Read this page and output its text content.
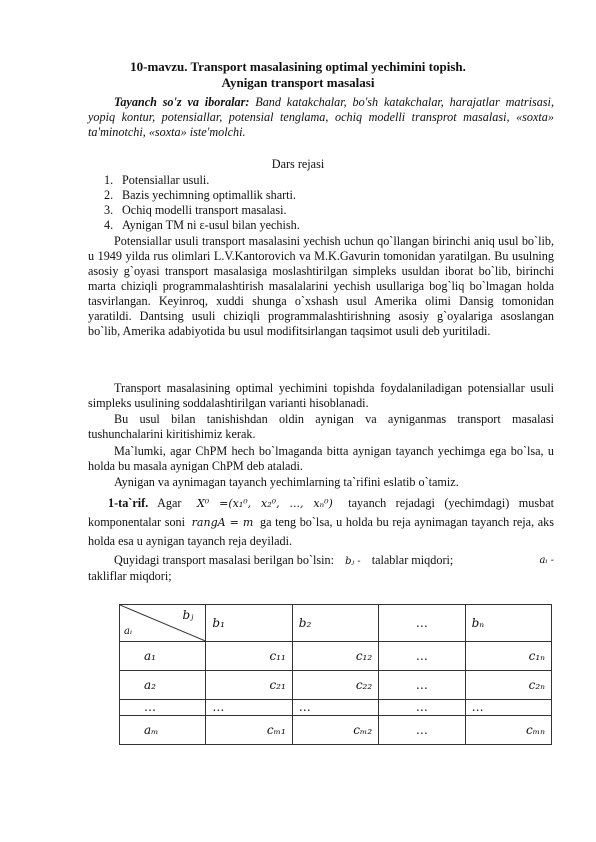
10-mavzu. Transport masalasining optimal yechimini topish.
Aynigan transport masalasi
Tayanch so'z va iboralar: Band katakchalar, bo'sh katakchalar, harajatlar matrisasi, yopiq kontur, potensiallar, potensial tenglama, ochiq modelli transprot masalasi, «soxta» ta'minotchi, «soxta» iste'molchi.
Dars rejasi
1. Potensiallar usuli.
2. Bazis yechimning optimallik sharti.
3. Ochiq modelli transport masalasi.
4. Aynigan TM ni ε-usul bilan yechish.
Potensiallar usuli transport masalasini yechish uchun qo`llangan birinchi aniq usul bo`lib, u 1949 yilda rus olimlari L.V.Kantorovich va M.K.Gavurin tomonidan yaratilgan. Bu usulning asosiy g`oyasi transport masalasiga moslashtirilgan simpleks usuldan iborat bo`lib, birinchi marta chiziqli programmalashtirish masalalarini yechish usullariga bog`liq bo`lmagan holda tasvirlangan. Keyinroq, xuddi shunga o`xshash usul Amerika olimi Dansig tomonidan yaratildi. Dantsing usuli chiziqli programmalashtirishning asosiy g`oyalariga asoslangan bo`lib, Amerika adabiyotida bu usul modifitsirlangan taqsimot usuli deb yuritiladi.
Transport masalasining optimal yechimini topishda foydalaniladigan potensiallar usuli simpleks usulining soddalashtirilgan varianti hisoblanadi.
Bu usul bilan tanishishdan oldin aynigan va ayniganmas transport masalasi tushunchalarini kiritishimiz kerak.
Ma`lumki, agar ChPM hech bo`lmaganda bitta aynigan tayanch yechimga ega bo`lsa, u holda bu masala aynigan ChPM deb ataladi.
Aynigan va aynimagan tayanch yechimlarning ta`rifini eslatib o`tamiz.
1-ta`rif. Agar X⁰ =(x₁⁰, x₂⁰, ..., xₙ⁰) tayanch rejadagi (yechimdagi) musbat komponentalar soni rangA = m ga teng bo`lsa, u holda bu reja aynimagan tayanch reja, aks holda esa u aynigan tayanch reja deyiladi.
Quyidagi transport masalasi berilgan bo`lsin: bⱼ - talablar miqdori;	aᵢ -

takliflar miqdori;
bⱼ
aᵢ	b₁	b₂	…	bₙ
a₁	c₁₁	c₁₂	…	c₁ₙ
a₂	c₂₁	c₂₂	…	c₂ₙ
…	…	…	…	…
aₘ	cₘ₁	cₘ₂	…	cₘₙ
